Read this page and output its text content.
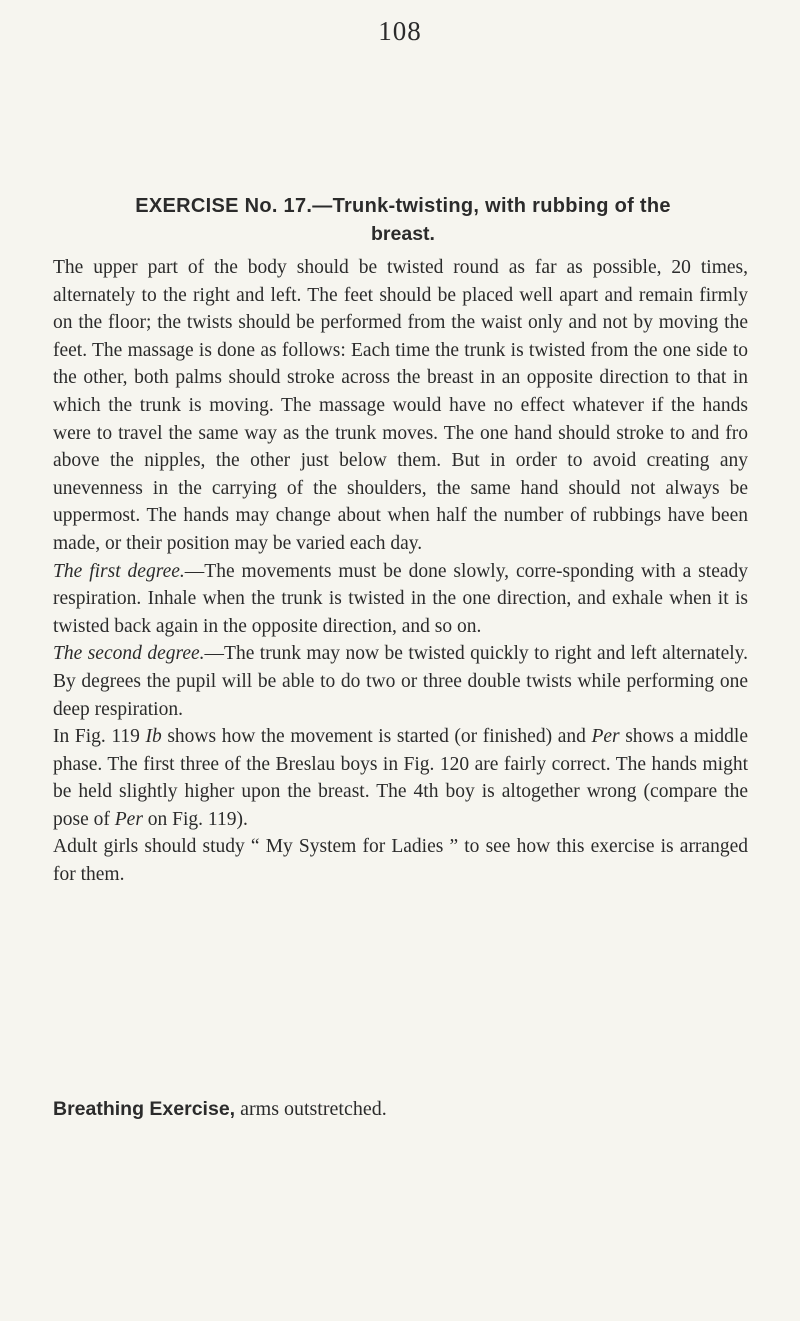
108
EXERCISE No. 17.—Trunk-twisting, with rubbing of the
breast.

The upper part of the body should be twisted round as far as possible, 20 times, alternately to the right and left. The feet should be placed well apart and remain firmly on the floor; the twists should be performed from the waist only and not by moving the feet. The massage is done as follows: Each time the trunk is twisted from the one side to the other, both palms should stroke across the breast in an opposite direction to that in which the trunk is moving. The massage would have no effect whatever if the hands were to travel the same way as the trunk moves. The one hand should stroke to and fro above the nipples, the other just below them. But in order to avoid creating any unevenness in the carrying of the shoulders, the same hand should not always be uppermost. The hands may change about when half the number of rubbings have been made, or their position may be varied each day.

The first degree.—The movements must be done slowly, corre-sponding with a steady respiration. Inhale when the trunk is twisted in the one direction, and exhale when it is twisted back again in the opposite direction, and so on.

The second degree.—The trunk may now be twisted quickly to right and left alternately. By degrees the pupil will be able to do two or three double twists while performing one deep respiration.

In Fig. 119 Ib shows how the movement is started (or finished) and Per shows a middle phase. The first three of the Breslau boys in Fig. 120 are fairly correct. The hands might be held slightly higher upon the breast. The 4th boy is altogether wrong (compare the pose of Per on Fig. 119).

Adult girls should study “ My System for Ladies ” to see how this exercise is arranged for them.

Breathing Exercise, arms outstretched.
